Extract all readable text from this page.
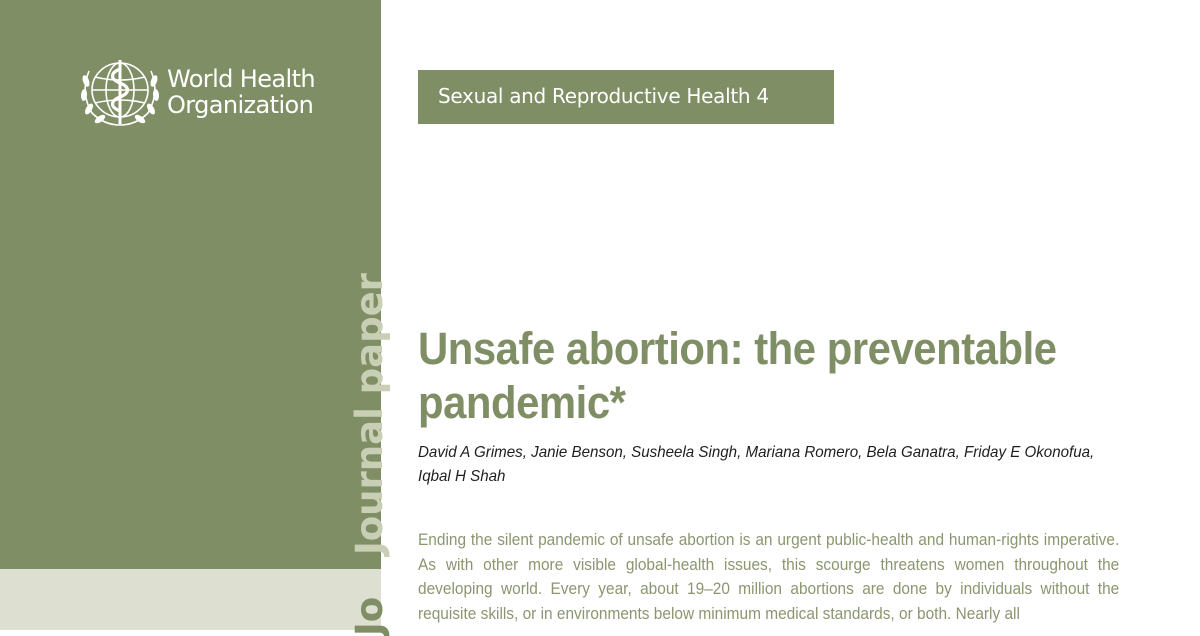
World Health
Organization
Journal paper
Jo
Sexual and Reproductive Health 4
Unsafe abortion: the preventable pandemic*
David A Grimes, Janie Benson, Susheela Singh, Mariana Romero, Bela Ganatra, Friday E Okonofua, Iqbal H Shah
Ending the silent pandemic of unsafe abortion is an urgent public-health and human-rights imperative. As with other more visible global-health issues, this scourge threatens women throughout the developing world. Every year, about 19–20 million abortions are done by individuals without the requisite skills, or in environments below minimum medical standards, or both. Nearly all
